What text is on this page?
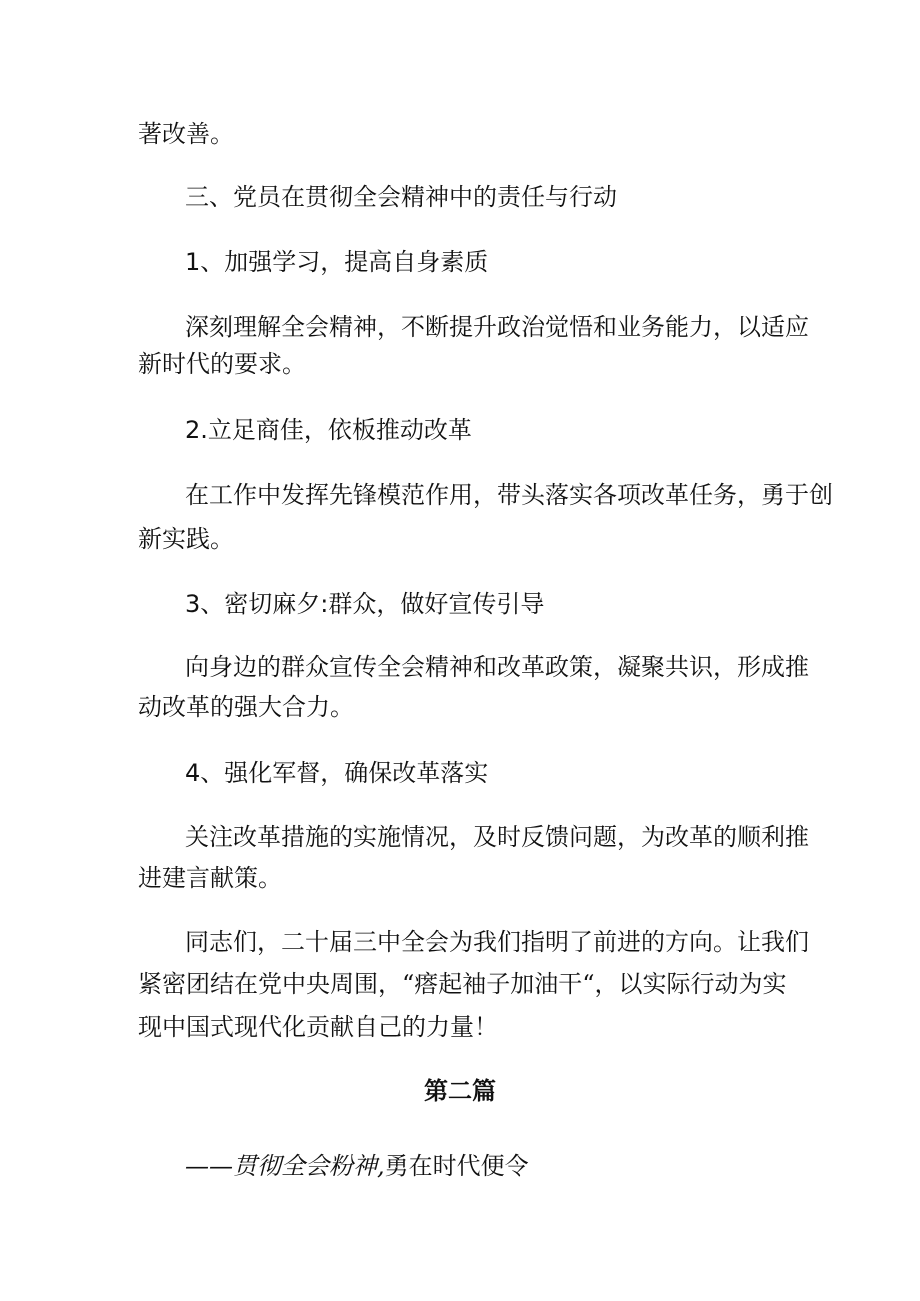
著改善。
三、党员在贯彻全会精神中的责任与行动
1、加强学习，提高自身素质
深刻理解全会精神，不断提升政治觉悟和业务能力，以适应
新时代的要求。
2.立足商佳，依板推动改革
在工作中发挥先锋模范作用，带头落实各项改革任务，勇于创
新实践。
3、密切麻夕:群众，做好宣传引导
向身边的群众宣传全会精神和改革政策，凝聚共识，形成推
动改革的强大合力。
4、强化军督，确保改革落实
关注改革措施的实施情况，及时反馈问题，为改革的顺利推
进建言献策。
同志们，二十届三中全会为我们指明了前进的方向。让我们
紧密团结在党中央周围，“瘩起袖子加油干“，以实际行动为实
现中国式现代化贡献自己的力量！
第二篇
——贯彻全会粉神,勇在时代便令
